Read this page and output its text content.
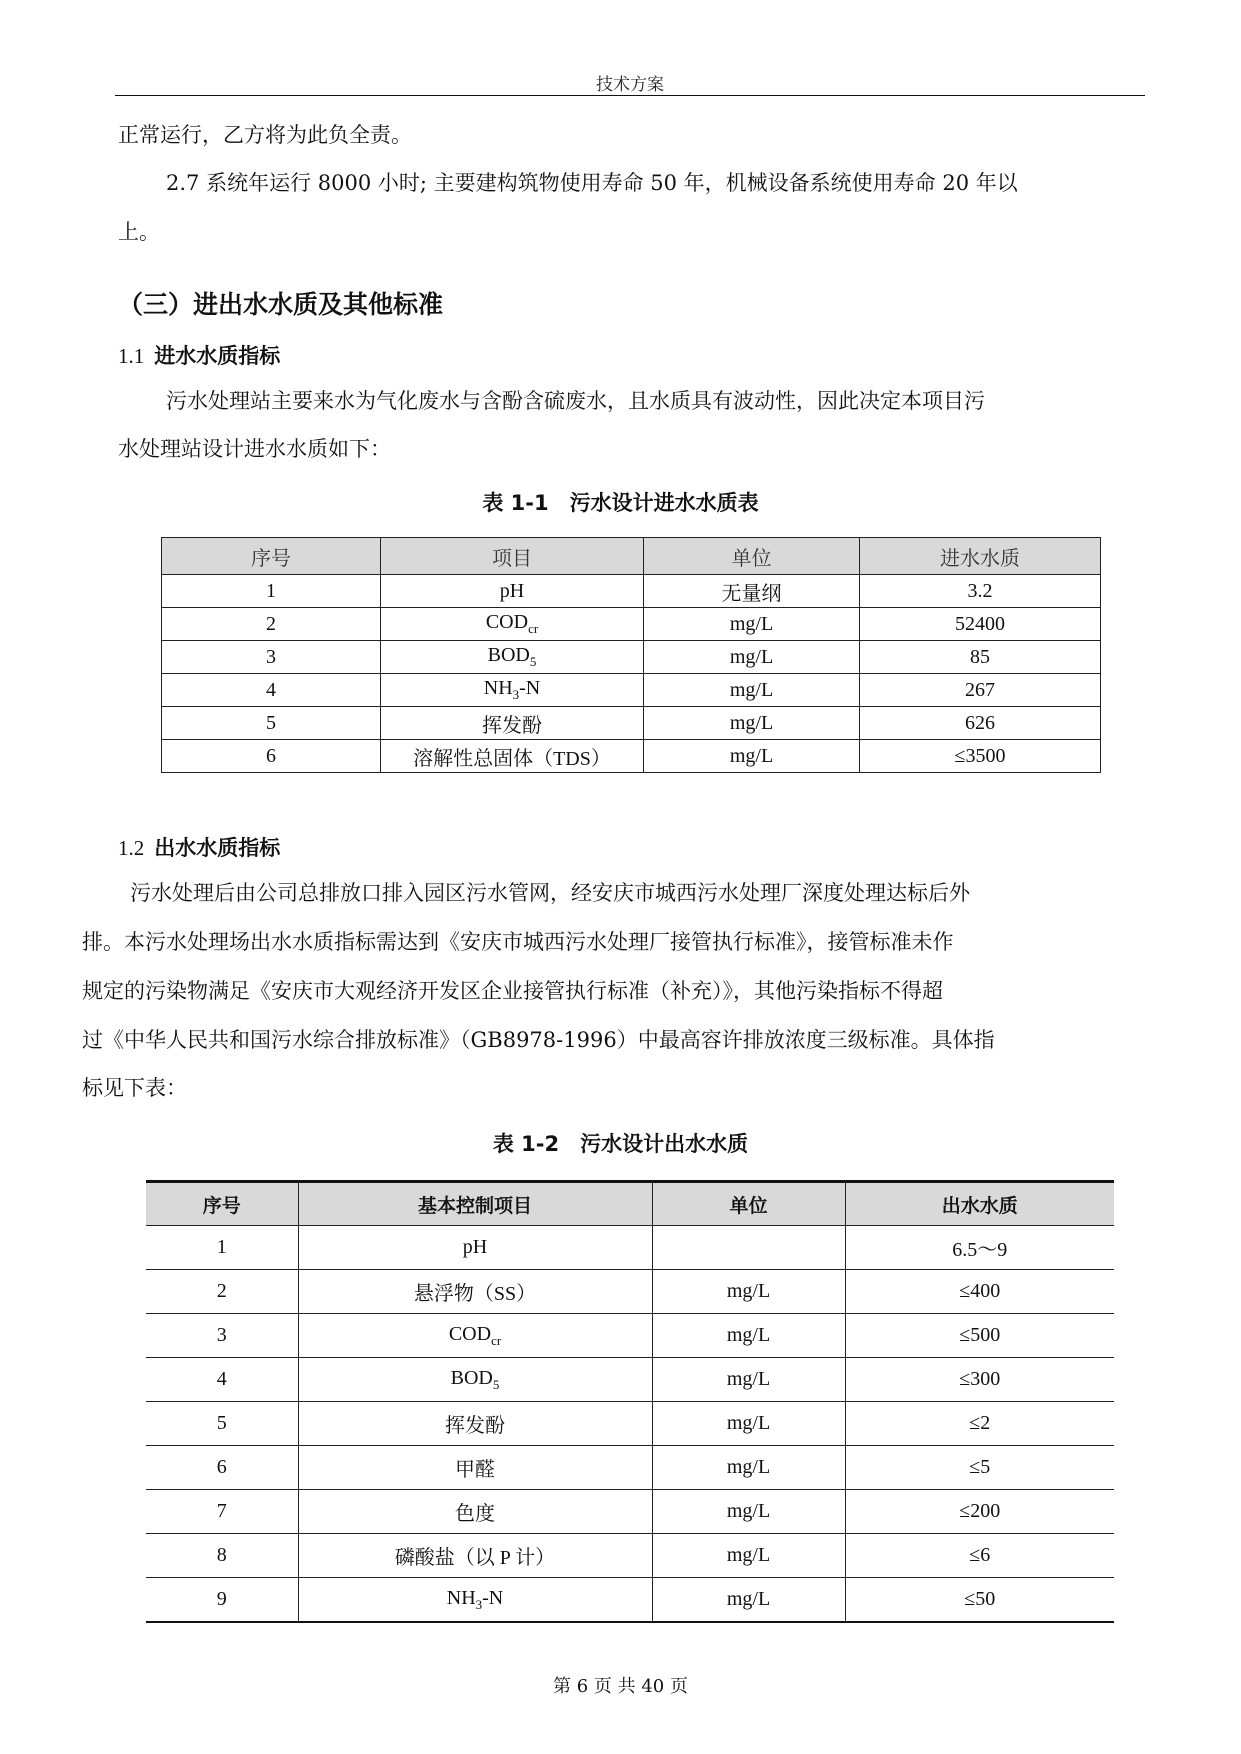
技术方案
正常运行，乙方将为此负全责。
2.7 系统年运行 8000 小时; 主要建构筑物使用寿命 50 年，机械设备系统使用寿命 20 年以
上。
（三）进出水水质及其他标准
1.1 进水水质指标
污水处理站主要来水为气化废水与含酚含硫废水，且水质具有波动性，因此决定本项目污
水处理站设计进水水质如下：
表 1-1　污水设计进水水质表
序号	项目	单位	进水水质
1	pH	无量纲	3.2
2	$COD_{cr}$	mg/L	52400
3	$BOD_5$	mg/L	85
4	$NH_3-N$	mg/L	267
5	挥发酚	mg/L	626
6	溶解性总固体（TDS）	mg/L	≤3500
1.2 出水水质指标
污水处理后由公司总排放口排入园区污水管网，经安庆市城西污水处理厂深度处理达标后外
排。本污水处理场出水水质指标需达到《安庆市城西污水处理厂接管执行标准》，接管标准未作
规定的污染物满足《安庆市大观经济开发区企业接管执行标准（补充）》，其他污染指标不得超
过《中华人民共和国污水综合排放标准》（GB8978-1996）中最高容许排放浓度三级标准。具体指
标见下表：
表 1-2　污水设计出水水质
序号	基本控制项目	单位	出水水质
1	pH		6.5～9
2	悬浮物（SS）	mg/L	≤400
3	$COD_{cr}$	mg/L	≤500
4	$BOD_5$	mg/L	≤300
5	挥发酚	mg/L	≤2
6	甲醛	mg/L	≤5
7	色度	mg/L	≤200
8	磷酸盐（以 P 计）	mg/L	≤6
9	$NH_3-N$	mg/L	≤50
第 6 页 共 40 页
